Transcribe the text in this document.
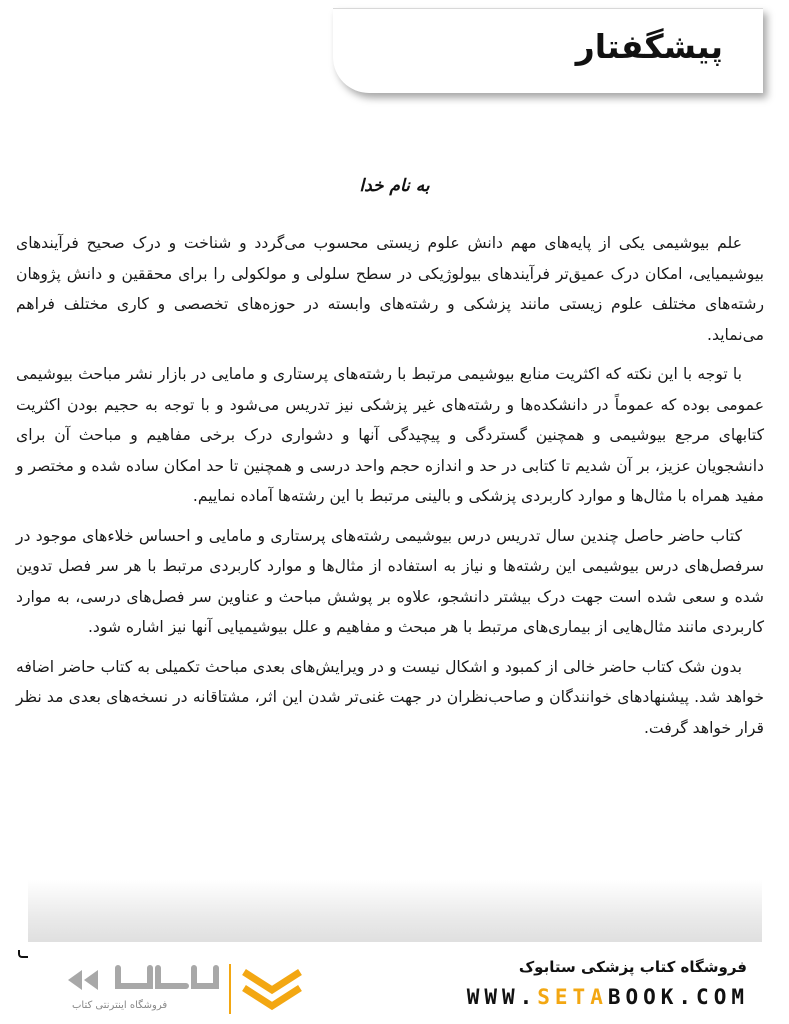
پیشگفتار

به نام خدا

علم بیوشیمی یکی از پایه‌های مهم دانش علوم زیستی محسوب می‌گردد و شناخت و درک صحیح فرآیندهای بیوشیمیایی، امکان درک عمیق‌تر فرآیندهای بیولوژیکی در سطح سلولی و مولکولی را برای محققین و دانش پژوهان رشته‌های مختلف علوم زیستی مانند پزشکی و رشته‌های وابسته در حوزه‌های تخصصی و کاری مختلف فراهم می‌نماید.

با توجه با این نکته که اکثریت منابع بیوشیمی مرتبط با رشته‌های پرستاری و مامایی در بازار نشر مباحث بیوشیمی عمومی بوده که عموماً در دانشکده‌ها و رشته‌های غیر پزشکی نیز تدریس می‌شود و با توجه به حجیم بودن اکثریت کتابهای مرجع بیوشیمی و همچنین گستردگی و پیچیدگی آنها و دشواری درک برخی مفاهیم و مباحث آن برای دانشجویان عزیز، بر آن شدیم تا کتابی در حد و اندازه حجم واحد درسی و همچنین تا حد امکان ساده شده و مختصر و مفید همراه با مثال‌ها و موارد کاربردی پزشکی و بالینی مرتبط با این رشته‌ها آماده نماییم.

کتاب حاضر حاصل چندین سال تدریس درس بیوشیمی رشته‌های پرستاری و مامایی و احساس خلاءهای موجود در سرفصل‌های درس بیوشیمی این رشته‌ها و نیاز به استفاده از مثال‌ها و موارد کاربردی مرتبط با هر سر فصل تدوین شده و سعی شده است جهت درک بیشتر دانشجو، علاوه بر پوشش مباحث و عناوین سر فصل‌های درسی، به موارد کاربردی مانند مثال‌هایی از بیماری‌های مرتبط با هر مبحث و مفاهیم و علل بیوشیمیایی آنها نیز اشاره شود.

بدون شک کتاب حاضر خالی از کمبود و اشکال نیست و در ویرایش‌های بعدی مباحث تکمیلی به کتاب حاضر اضافه خواهد شد. پیشنهادهای خوانندگان و صاحب‌نظران در جهت غنی‌تر شدن این اثر، مشتاقانه در نسخه‌های بعدی مد نظر قرار خواهد گرفت.

فروشگاه اینترنتی کتاب

فروشگاه کتاب پزشکی ستابوک

WWW.SETABOOK.COM
